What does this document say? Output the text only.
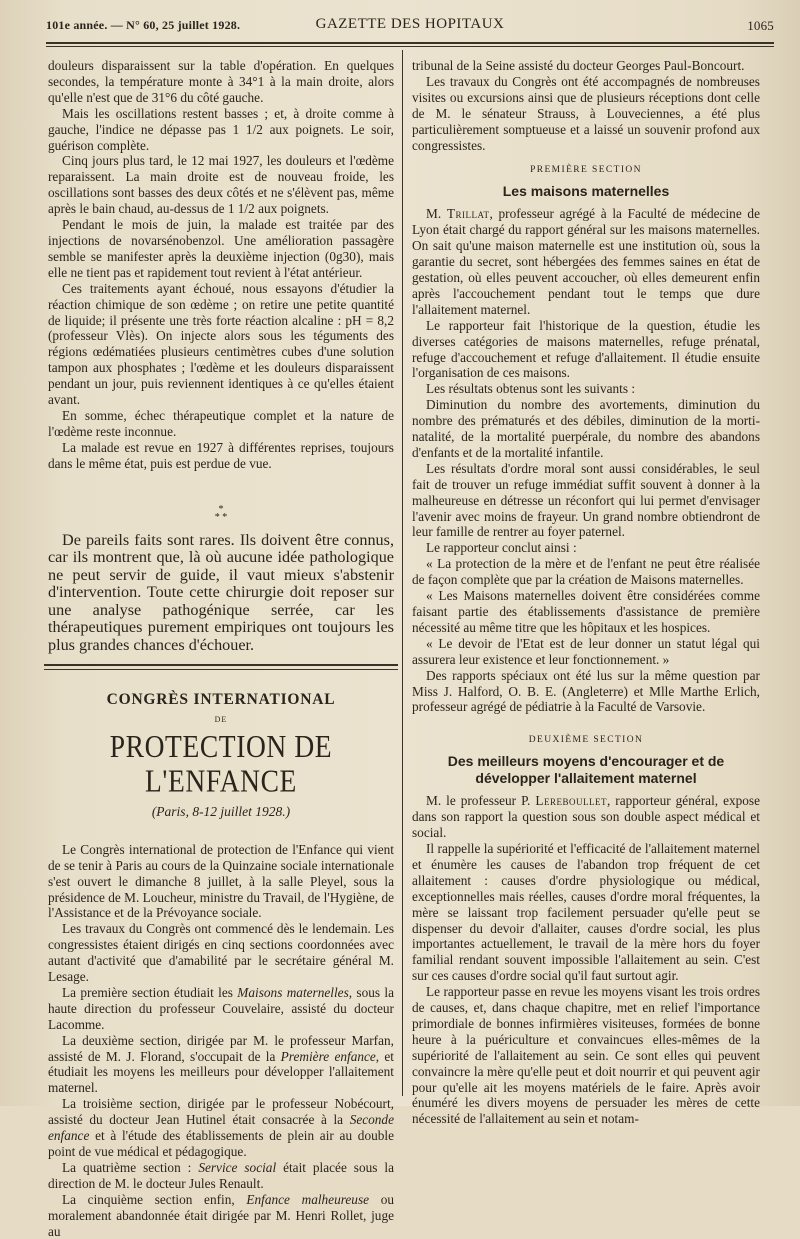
101e année. — N° 60, 25 juillet 1928.	GAZETTE DES HOPITAUX	1065

douleurs disparaissent sur la table d'opération. En quelques secondes, la température monte à 34°1 à la main droite, alors qu'elle n'est que de 31°6 du côté gauche.

Mais les oscillations restent basses ; et, à droite comme à gauche, l'indice ne dépasse pas 1 1/2 aux poignets. Le soir, guérison complète.

Cinq jours plus tard, le 12 mai 1927, les douleurs et l'œdème reparaissent. La main droite est de nouveau froide, les oscillations sont basses des deux côtés et ne s'élèvent pas, même après le bain chaud, au-dessus de 1 1/2 aux poignets.

Pendant le mois de juin, la malade est traitée par des injections de novarsénobenzol. Une amélioration passagère semble se manifester après la deuxième injection (0g30), mais elle ne tient pas et rapidement tout revient à l'état antérieur.

Ces traitements ayant échoué, nous essayons d'étudier la réaction chimique de son œdème ; on retire une petite quantité de liquide; il présente une très forte réaction alcaline : pH = 8,2 (professeur Vlès). On injecte alors sous les téguments des régions œdématiées plusieurs centimètres cubes d'une solution tampon aux phosphates ; l'œdème et les douleurs disparaissent pendant un jour, puis reviennent identiques à ce qu'elles étaient avant.

En somme, échec thérapeutique complet et la nature de l'œdème reste inconnue.

La malade est revue en 1927 à différentes reprises, toujours dans le même état, puis est perdue de vue.

*
* *

De pareils faits sont rares. Ils doivent être connus, car ils montrent que, là où aucune idée pathologique ne peut servir de guide, il vaut mieux s'abstenir d'intervention. Toute cette chirurgie doit reposer sur une analyse pathogénique serrée, car les thérapeutiques purement empiriques ont toujours les plus grandes chances d'échouer.

CONGRÈS INTERNATIONAL
DE
PROTECTION DE L'ENFANCE
(Paris, 8-12 juillet 1928.)

Le Congrès international de protection de l'Enfance qui vient de se tenir à Paris au cours de la Quinzaine sociale internationale s'est ouvert le dimanche 8 juillet, à la salle Pleyel, sous la présidence de M. Loucheur, ministre du Travail, de l'Hygiène, de l'Assistance et de la Prévoyance sociale.

Les travaux du Congrès ont commencé dès le lendemain. Les congressistes étaient dirigés en cinq sections coordonnées avec autant d'activité que d'amabilité par le secrétaire général M. Lesage.

La première section étudiait les Maisons maternelles, sous la haute direction du professeur Couvelaire, assisté du docteur Lacomme.

La deuxième section, dirigée par M. le professeur Marfan, assisté de M. J. Florand, s'occupait de la Première enfance, et étudiait les moyens les meilleurs pour développer l'allaitement maternel.

La troisième section, dirigée par le professeur Nobécourt, assisté du docteur Jean Hutinel était consacrée à la Seconde enfance et à l'étude des établissements de plein air au double point de vue médical et pédagogique.

La quatrième section : Service social était placée sous la direction de M. le docteur Jules Renault.

La cinquième section enfin, Enfance malheureuse ou moralement abandonnée était dirigée par M. Henri Rollet, juge au

tribunal de la Seine assisté du docteur Georges Paul-Boncourt.

Les travaux du Congrès ont été accompagnés de nombreuses visites ou excursions ainsi que de plusieurs réceptions dont celle de M. le sénateur Strauss, à Louveciennes, a été plus particulièrement somptueuse et a laissé un souvenir profond aux congressistes.

PREMIÈRE SECTION
Les maisons maternelles

M. Trillat, professeur agrégé à la Faculté de médecine de Lyon était chargé du rapport général sur les maisons maternelles. On sait qu'une maison maternelle est une institution où, sous la garantie du secret, sont hébergées des femmes saines en état de gestation, où elles peuvent accoucher, où elles demeurent enfin après l'accouchement pendant tout le temps que dure l'allaitement maternel.

Le rapporteur fait l'historique de la question, étudie les diverses catégories de maisons maternelles, refuge prénatal, refuge d'accouchement et refuge d'allaitement. Il étudie ensuite l'organisation de ces maisons.

Les résultats obtenus sont les suivants :

Diminution du nombre des avortements, diminution du nombre des prématurés et des débiles, diminution de la morti-natalité, de la mortalité puerpérale, du nombre des abandons d'enfants et de la mortalité infantile.

Les résultats d'ordre moral sont aussi considérables, le seul fait de trouver un refuge immédiat suffit souvent à donner à la malheureuse en détresse un réconfort qui lui permet d'envisager l'avenir avec moins de frayeur. Un grand nombre obtiendront de leur famille de rentrer au foyer paternel.

Le rapporteur conclut ainsi :

« La protection de la mère et de l'enfant ne peut être réalisée de façon complète que par la création de Maisons maternelles.

« Les Maisons maternelles doivent être considérées comme faisant partie des établissements d'assistance de première nécessité au même titre que les hôpitaux et les hospices.

« Le devoir de l'Etat est de leur donner un statut légal qui assurera leur existence et leur fonctionnement. »

Des rapports spéciaux ont été lus sur la même question par Miss J. Halford, O. B. E. (Angleterre) et Mlle Marthe Erlich, professeur agrégé de pédiatrie à la Faculté de Varsovie.

DEUXIÈME SECTION
Des meilleurs moyens d'encourager et de développer l'allaitement maternel

M. le professeur P. Lereboullet, rapporteur général, expose dans son rapport la question sous son double aspect médical et social.

Il rappelle la supériorité et l'efficacité de l'allaitement maternel et énumère les causes de l'abandon trop fréquent de cet allaitement : causes d'ordre physiologique ou médical, exceptionnelles mais réelles, causes d'ordre moral fréquentes, la mère se laissant trop facilement persuader qu'elle peut se dispenser du devoir d'allaiter, causes d'ordre social, les plus importantes actuellement, le travail de la mère hors du foyer familial rendant souvent impossible l'allaitement au sein. C'est sur ces causes d'ordre social qu'il faut surtout agir.

Le rapporteur passe en revue les moyens visant les trois ordres de causes, et, dans chaque chapitre, met en relief l'importance primordiale de bonnes infirmières visiteuses, formées de bonne heure à la puériculture et convaincues elles-mêmes de la supériorité de l'allaitement au sein. Ce sont elles qui peuvent convaincre la mère qu'elle peut et doit nourrir et qui peuvent agir pour qu'elle ait les moyens matériels de le faire. Après avoir énuméré les divers moyens de persuader les mères de cette nécessité de l'allaitement au sein et notam-
